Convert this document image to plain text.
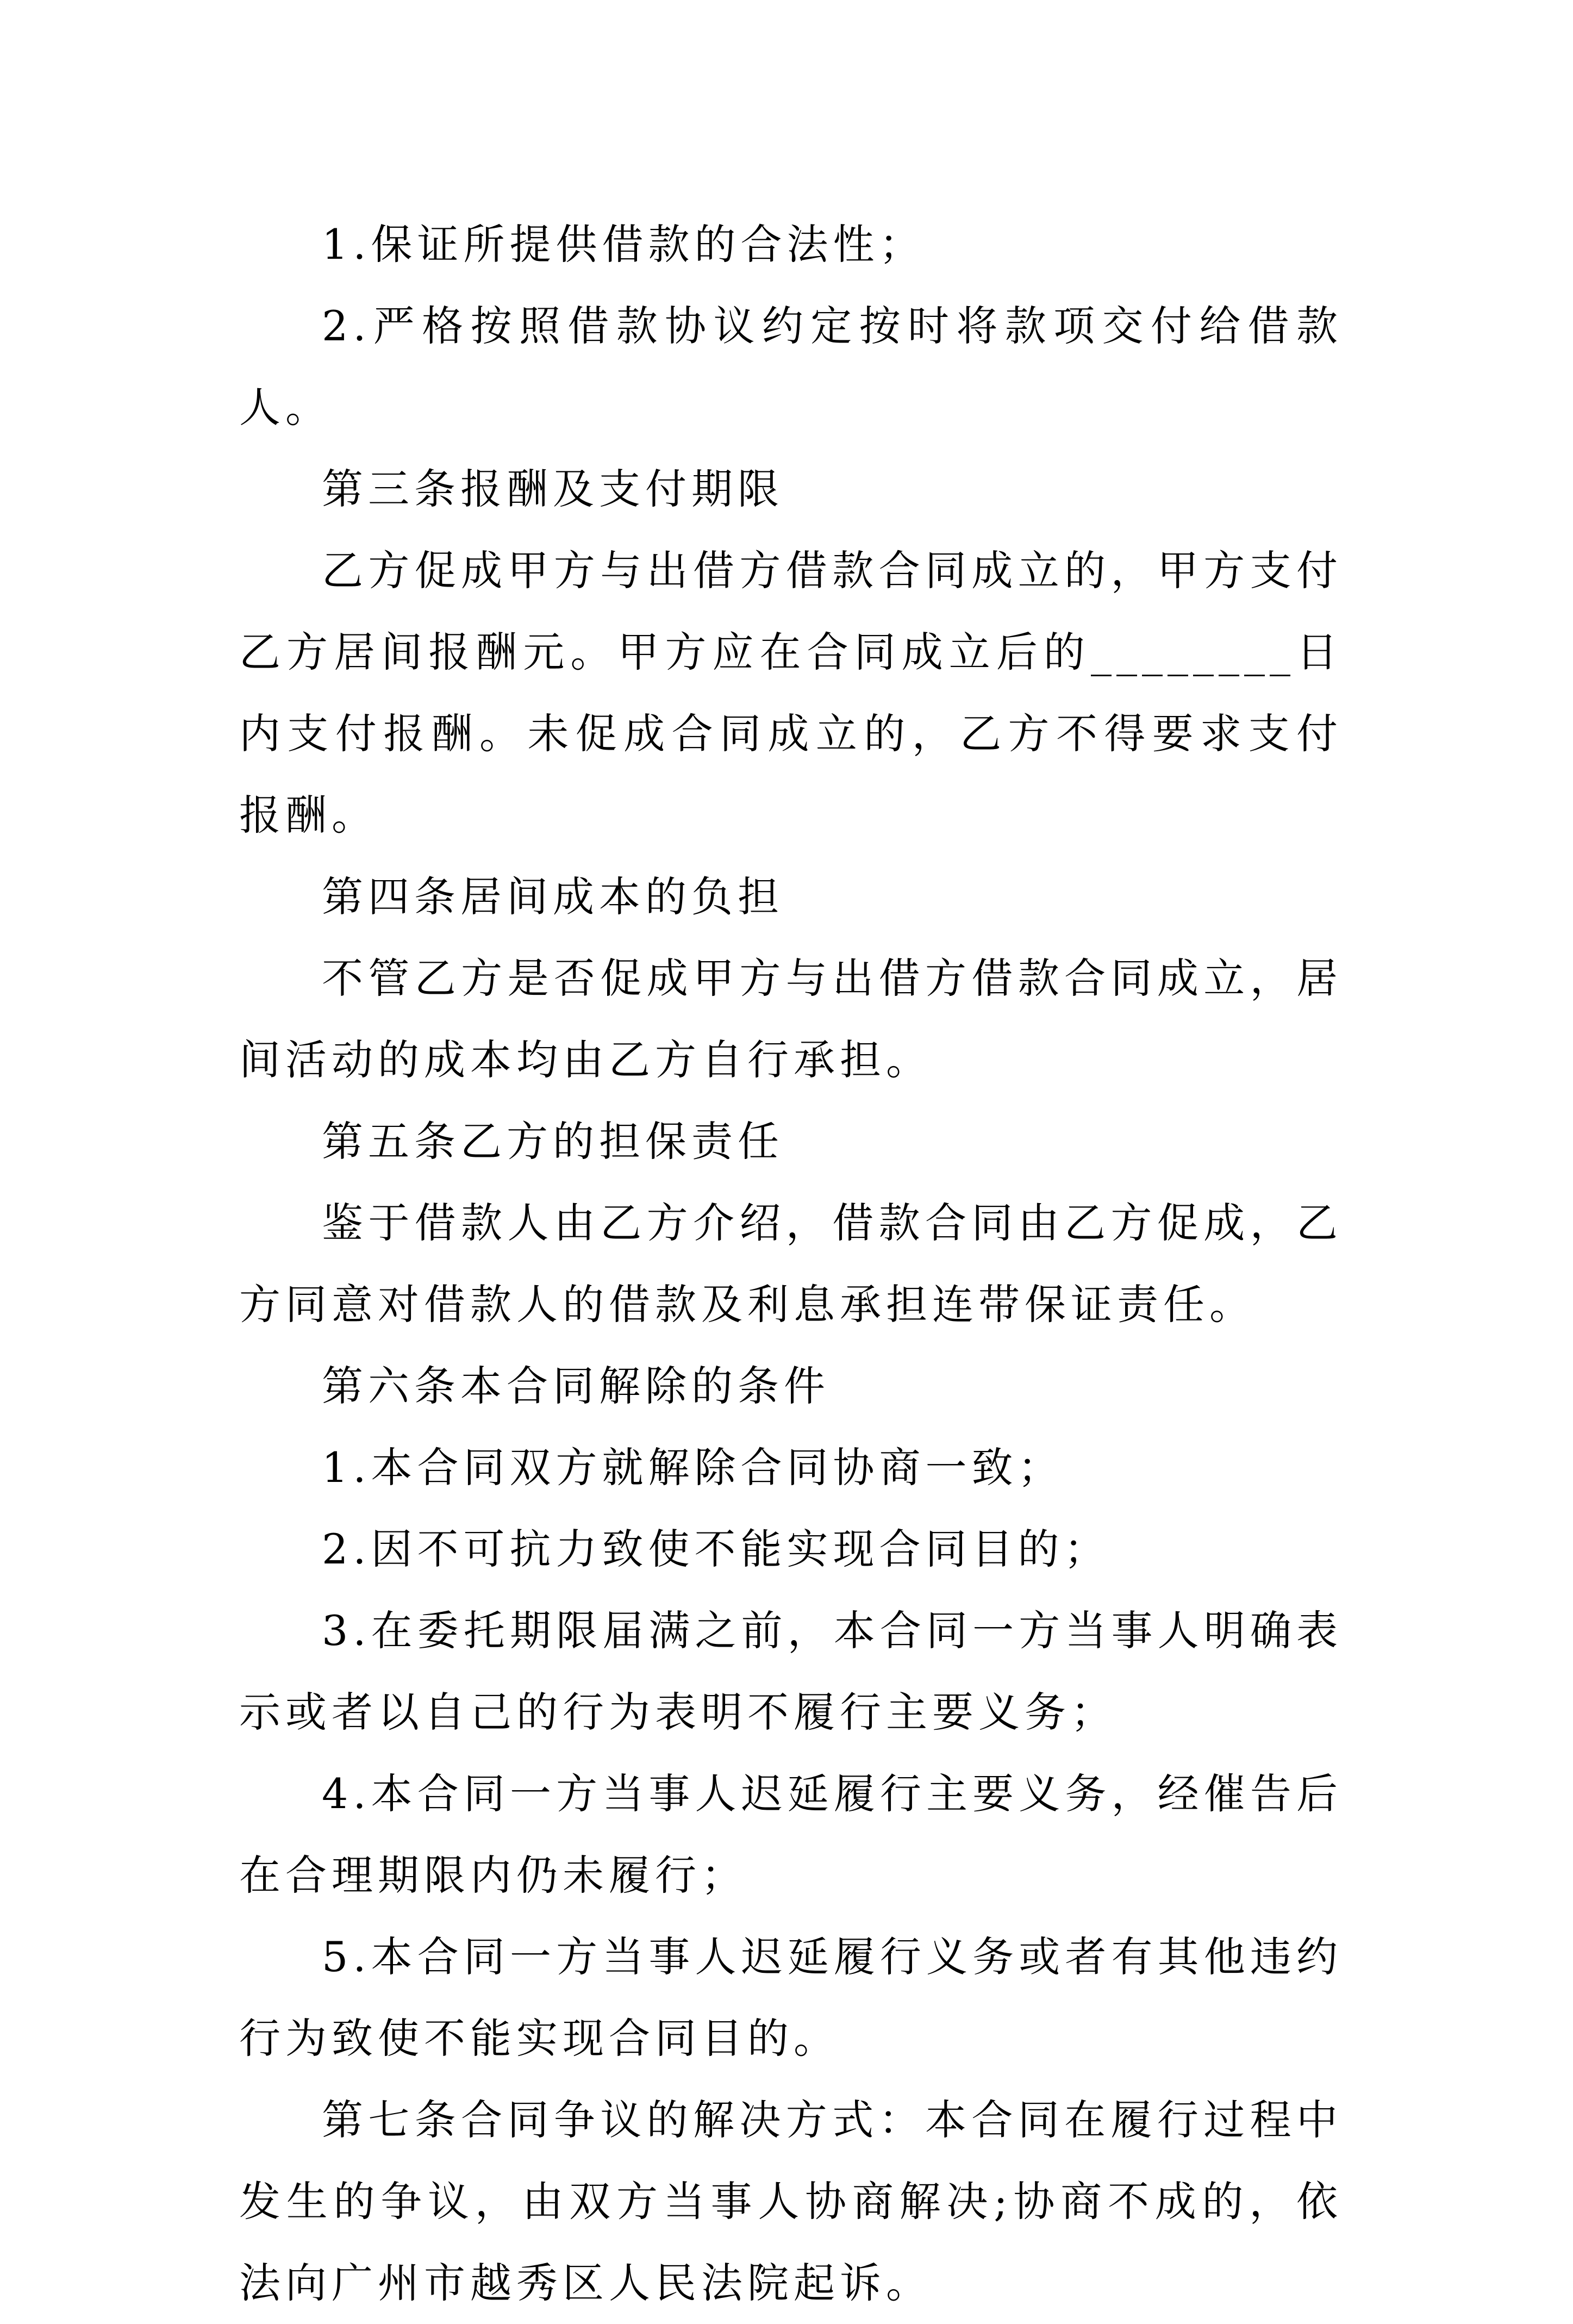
1.保证所提供借款的合法性；

2.严格按照借款协议约定按时将款项交付给借款人。

第三条报酬及支付期限

乙方促成甲方与出借方借款合同成立的，甲方支付乙方居间报酬元。甲方应在合同成立后的________日内支付报酬。未促成合同成立的，乙方不得要求支付报酬。

第四条居间成本的负担

不管乙方是否促成甲方与出借方借款合同成立，居间活动的成本均由乙方自行承担。

第五条乙方的担保责任

鉴于借款人由乙方介绍，借款合同由乙方促成，乙方同意对借款人的借款及利息承担连带保证责任。

第六条本合同解除的条件

1.本合同双方就解除合同协商一致；

2.因不可抗力致使不能实现合同目的；

3.在委托期限届满之前，本合同一方当事人明确表示或者以自己的行为表明不履行主要义务；

4.本合同一方当事人迟延履行主要义务，经催告后在合理期限内仍未履行；

5.本合同一方当事人迟延履行义务或者有其他违约行为致使不能实现合同目的。

第七条合同争议的解决方式：本合同在履行过程中发生的争议，由双方当事人协商解决;协商不成的，依法向广州市越秀区人民法院起诉。
